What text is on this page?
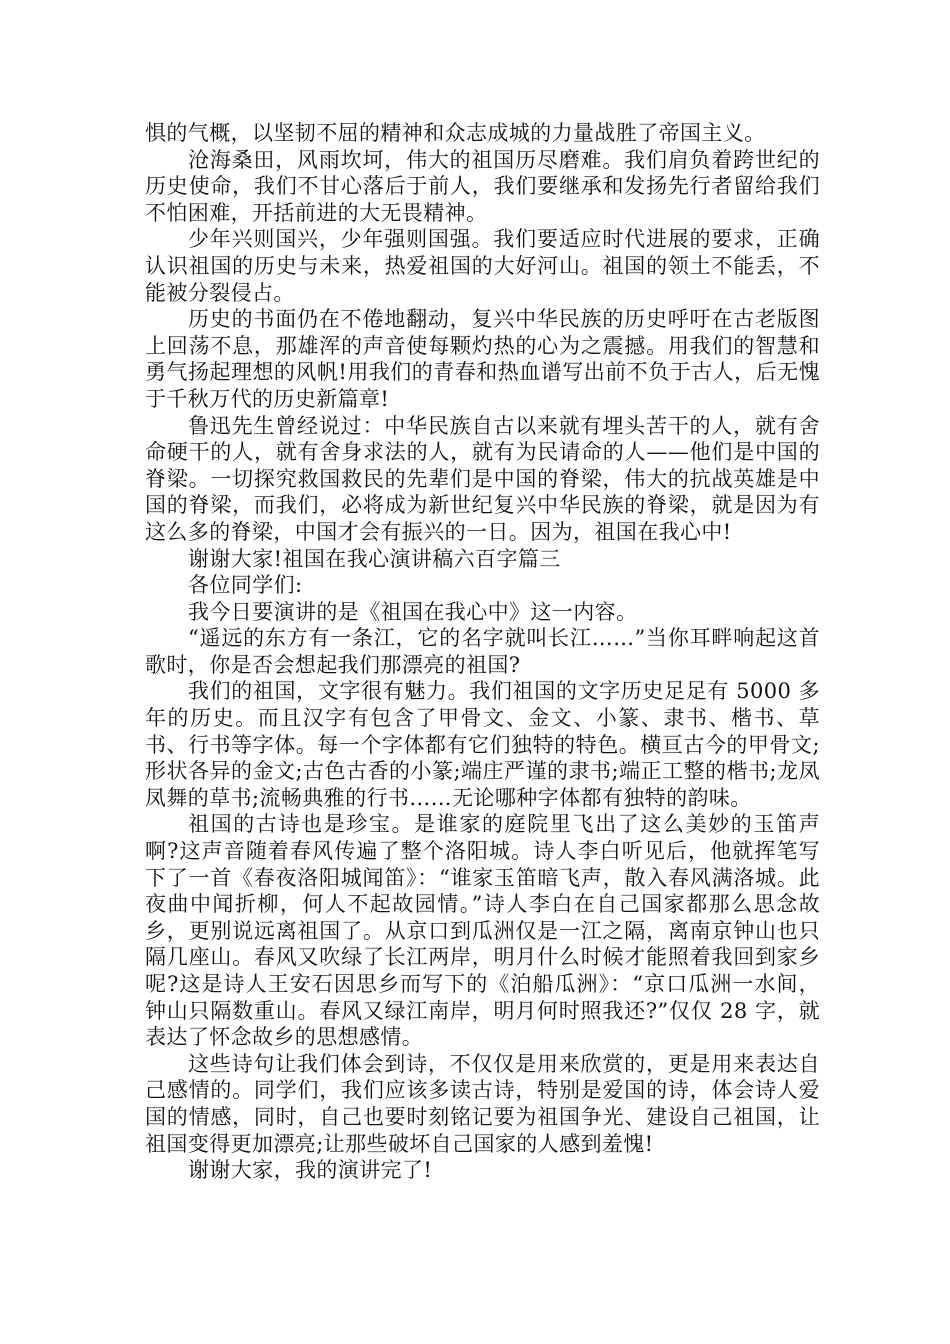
惧的气概，以坚韧不屈的精神和众志成城的力量战胜了帝国主义。

沧海桑田，风雨坎坷，伟大的祖国历尽磨难。我们肩负着跨世纪的历史使命，我们不甘心落后于前人，我们要继承和发扬先行者留给我们不怕困难，开括前进的大无畏精神。

少年兴则国兴，少年强则国强。我们要适应时代进展的要求，正确认识祖国的历史与未来，热爱祖国的大好河山。祖国的领土不能丢，不能被分裂侵占。

历史的书面仍在不倦地翻动，复兴中华民族的历史呼吁在古老版图上回荡不息，那雄浑的声音使每颗灼热的心为之震撼。用我们的智慧和勇气扬起理想的风帆!用我们的青春和热血谱写出前不负于古人，后无愧于千秋万代的历史新篇章!

鲁迅先生曾经说过：中华民族自古以来就有埋头苦干的人，就有舍命硬干的人，就有舍身求法的人，就有为民请命的人——他们是中国的脊梁。一切探究救国救民的先辈们是中国的脊梁，伟大的抗战英雄是中国的脊梁，而我们，必将成为新世纪复兴中华民族的脊梁，就是因为有这么多的脊梁，中国才会有振兴的一日。因为，祖国在我心中!

谢谢大家!祖国在我心演讲稿六百字篇三

各位同学们:

我今日要演讲的是《祖国在我心中》这一内容。

“遥远的东方有一条江，它的名字就叫长江……”当你耳畔响起这首歌时，你是否会想起我们那漂亮的祖国?

我们的祖国，文字很有魅力。我们祖国的文字历史足足有 5000 多年的历史。而且汉字有包含了甲骨文、金文、小篆、隶书、楷书、草书、行书等字体。每一个字体都有它们独特的特色。横亘古今的甲骨文;形状各异的金文;古色古香的小篆;端庄严谨的隶书;端正工整的楷书;龙凤凤舞的草书;流畅典雅的行书……无论哪种字体都有独特的韵味。

祖国的古诗也是珍宝。是谁家的庭院里飞出了这么美妙的玉笛声啊?这声音随着春风传遍了整个洛阳城。诗人李白听见后，他就挥笔写下了一首《春夜洛阳城闻笛》：“谁家玉笛暗飞声，散入春风满洛城。此夜曲中闻折柳，何人不起故园情。”诗人李白在自己国家都那么思念故乡，更别说远离祖国了。从京口到瓜洲仅是一江之隔，离南京钟山也只隔几座山。春风又吹绿了长江两岸，明月什么时候才能照着我回到家乡呢?这是诗人王安石因思乡而写下的《泊船瓜洲》：“京口瓜洲一水间，钟山只隔数重山。春风又绿江南岸，明月何时照我还?”仅仅 28 字，就表达了怀念故乡的思想感情。

这些诗句让我们体会到诗，不仅仅是用来欣赏的，更是用来表达自己感情的。同学们，我们应该多读古诗，特别是爱国的诗，体会诗人爱国的情感，同时，自己也要时刻铭记要为祖国争光、建设自己祖国，让祖国变得更加漂亮;让那些破坏自己国家的人感到羞愧!

谢谢大家，我的演讲完了!
